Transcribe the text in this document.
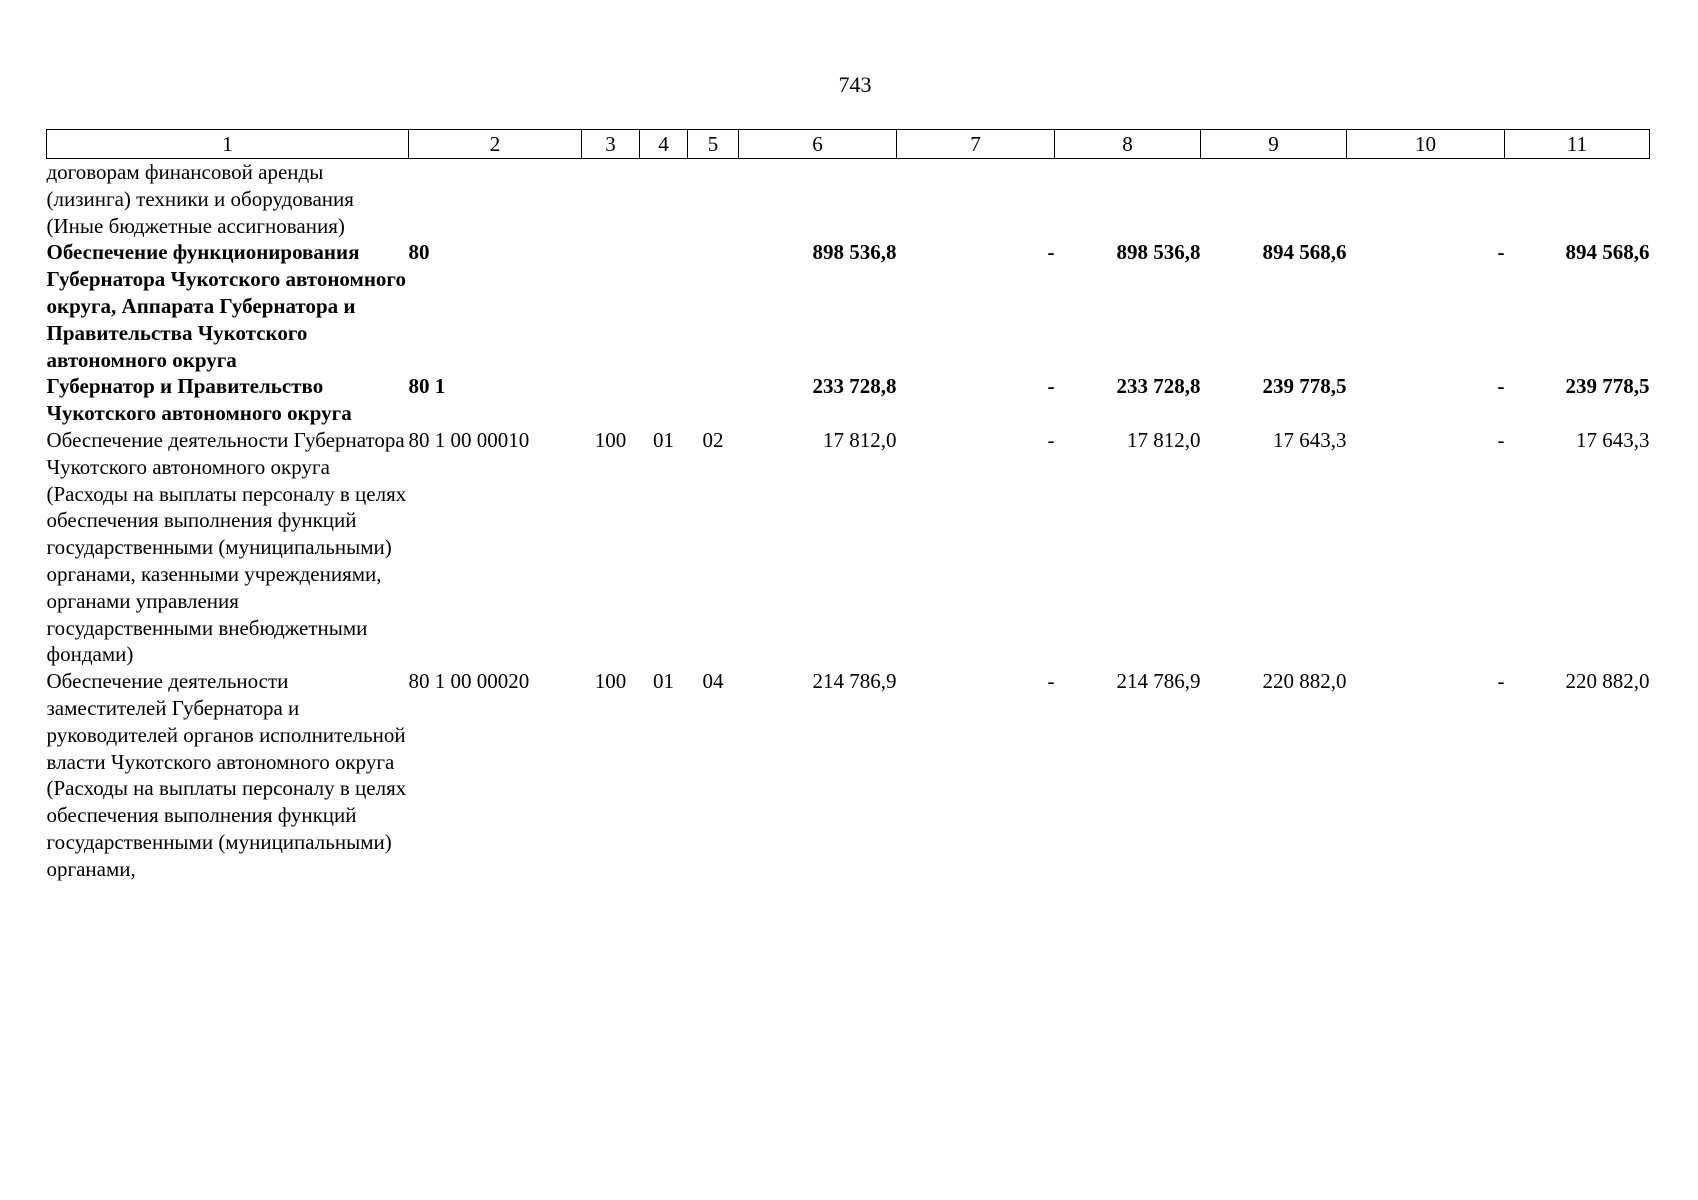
743
1	2	3	4	5	6	7	8	9	10	11
договорам финансовой аренды (лизинга) техники и оборудования (Иные бюджетные ассигнования)										
Обеспечение функционирования Губернатора Чукотского автономного округа, Аппарата Губернатора и Правительства Чукотского автономного округа	80				898 536,8	-	898 536,8	894 568,6	-	894 568,6
Губернатор и Правительство Чукотского автономного округа	80 1				233 728,8	-	233 728,8	239 778,5	-	239 778,5
Обеспечение деятельности Губернатора Чукотского автономного округа (Расходы на выплаты персоналу в целях обеспечения выполнения функций государственными (муниципальными) органами, казенными учреждениями, органами управления государственными внебюджетными фондами)	80 1 00 00010	100	01	02	17 812,0	-	17 812,0	17 643,3	-	17 643,3
Обеспечение деятельности заместителей Губернатора и руководителей органов исполнительной власти Чукотского автономного округа (Расходы на выплаты персоналу в целях обеспечения выполнения функций государственными (муниципальными) органами,	80 1 00 00020	100	01	04	214 786,9	-	214 786,9	220 882,0	-	220 882,0
